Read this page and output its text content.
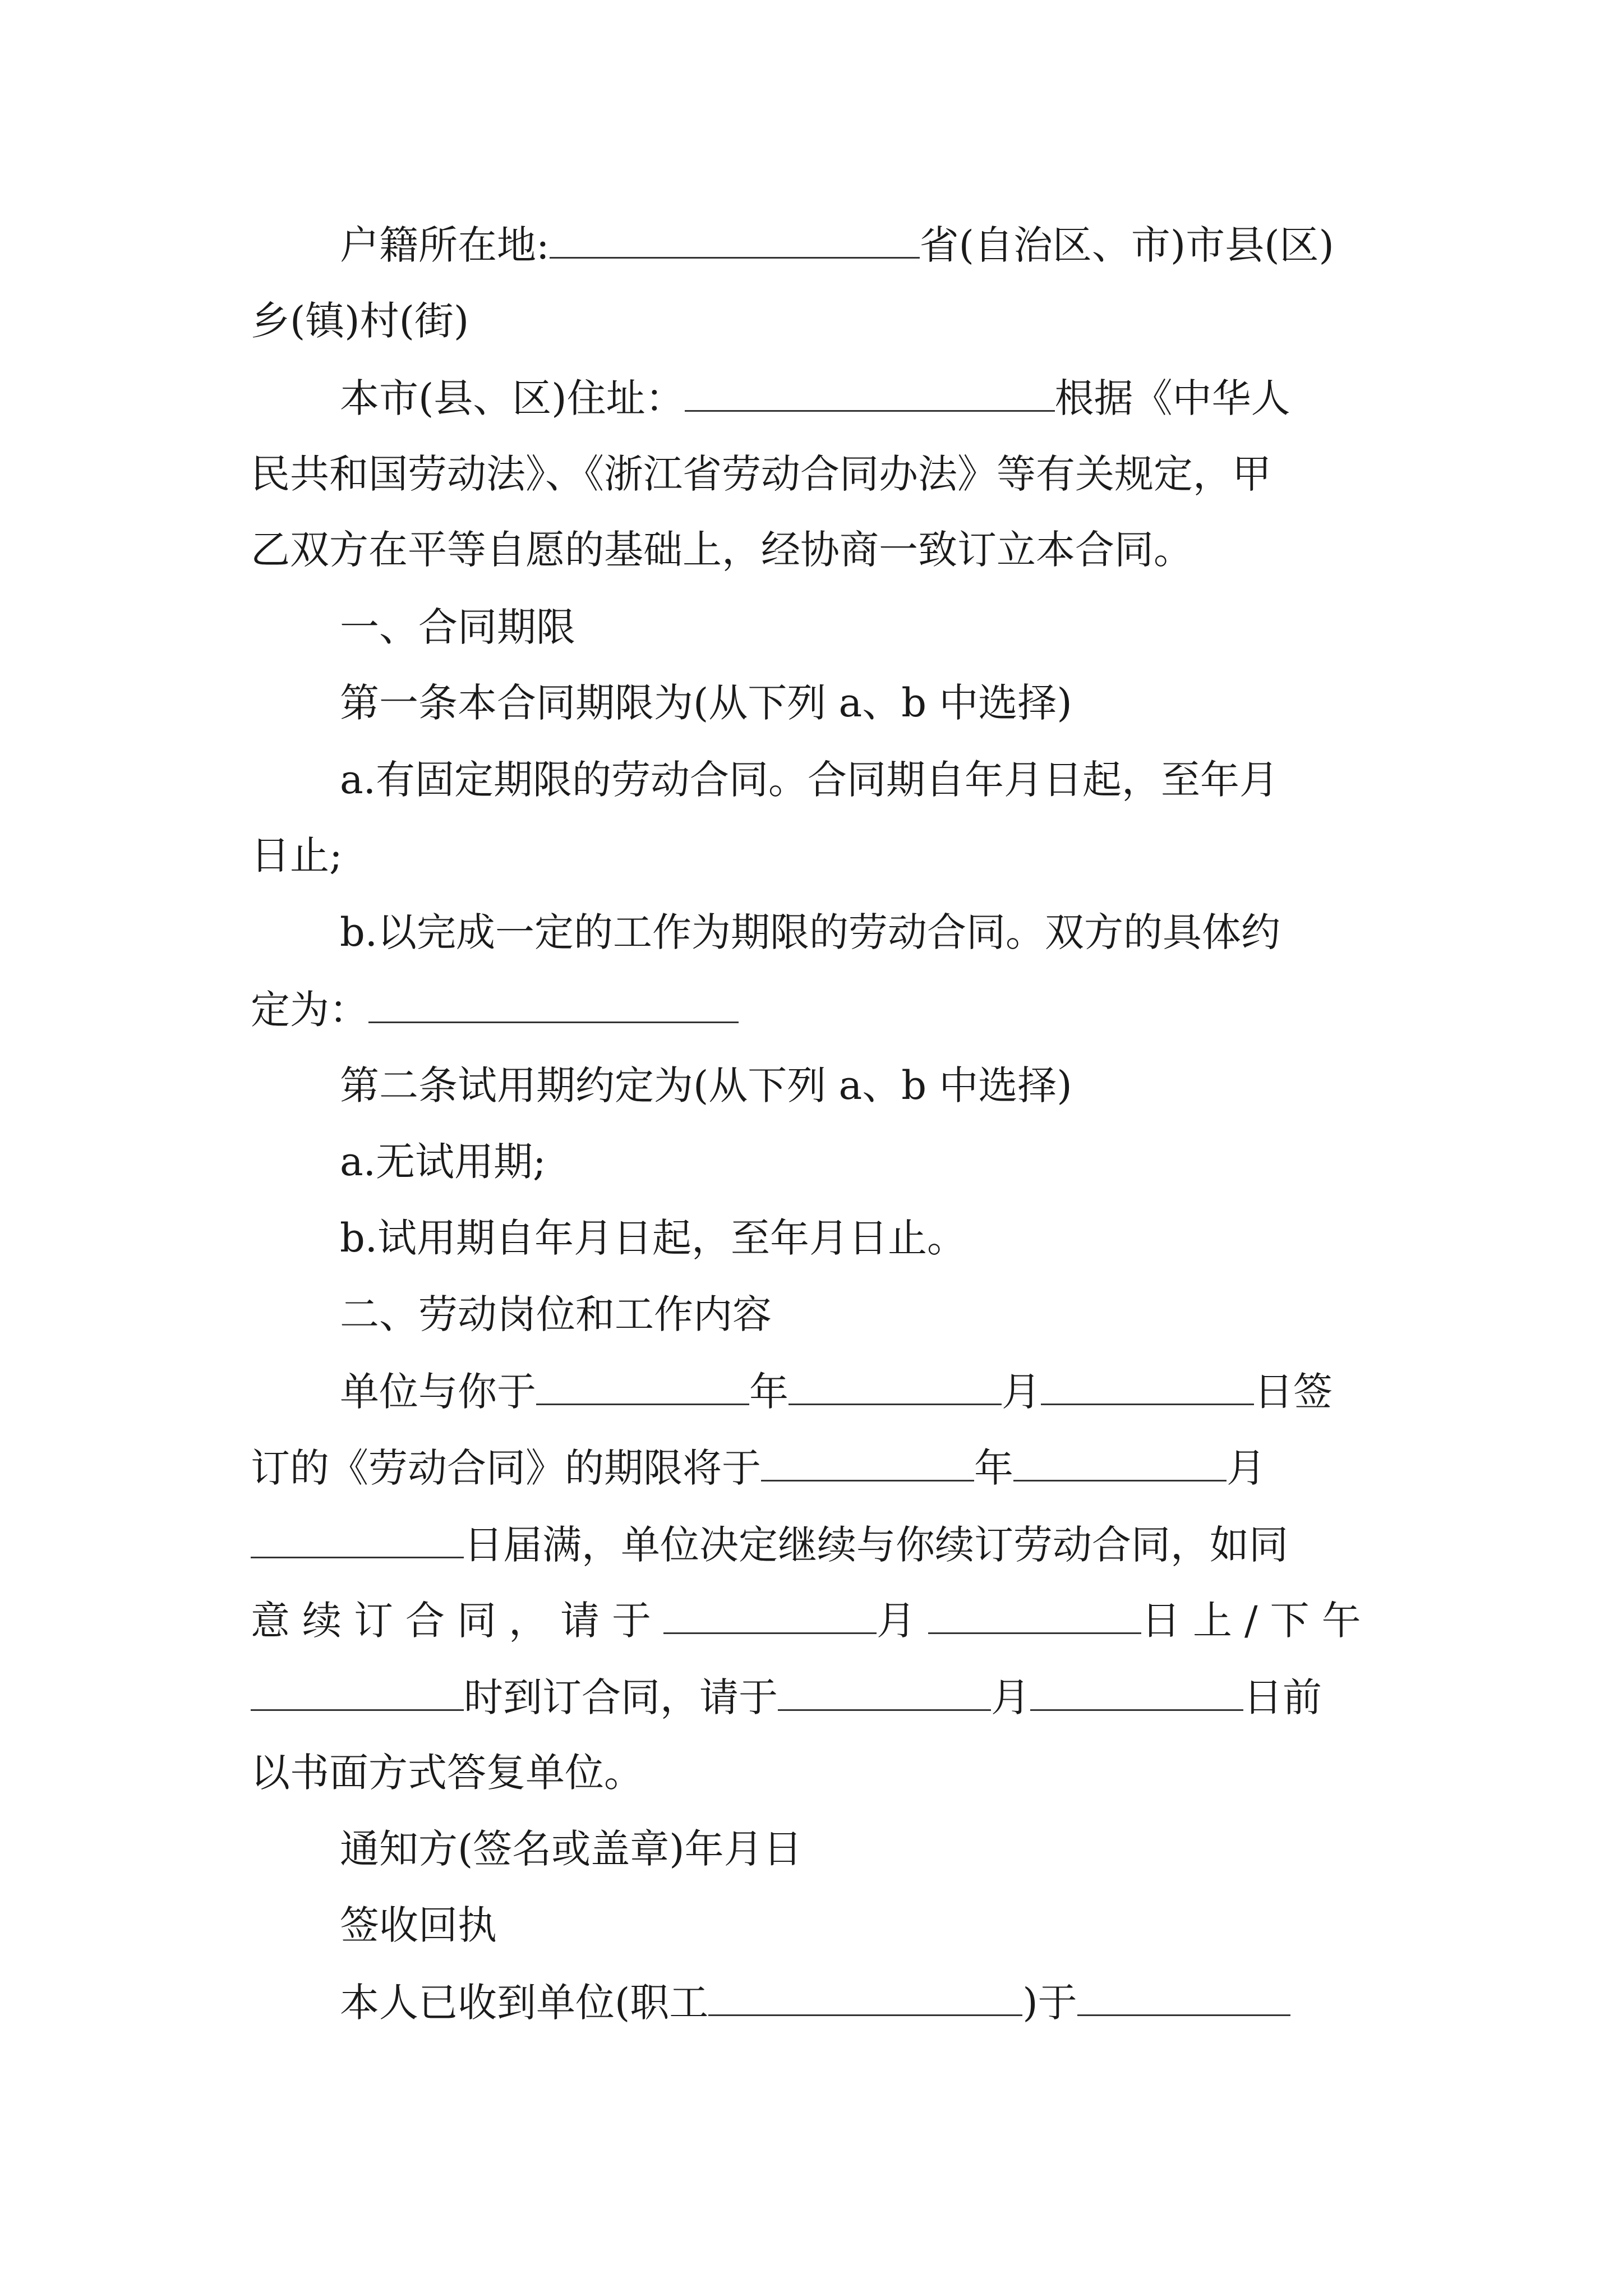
户籍所在地:	省(自治区、市)市县(区)
乡(镇)村(街)
本市(县、区)住址：	根据《中华人
民共和国劳动法》、《浙江省劳动合同办法》等有关规定，甲
乙双方在平等自愿的基础上，经协商一致订立本合同。
一、合同期限
第一条本合同期限为(从下列 a、b 中选择)
a.有固定期限的劳动合同。合同期自年月日起，至年月
日止;
b.以完成一定的工作为期限的劳动合同。双方的具体约
定为：
第二条试用期约定为(从下列 a、b 中选择)
a.无试用期;
b.试用期自年月日起，至年月日止。
二、劳动岗位和工作内容
单位与你于	年	月	日签
订的《劳动合同》的期限将于	年	月
日届满，单位决定继续与你续订劳动合同，如同
意续订合同，请于	月	日上/下午
时到订合同，请于	月	日前
以书面方式答复单位。
通知方(签名或盖章)年月日
签收回执
本人已收到单位(职工	)于
